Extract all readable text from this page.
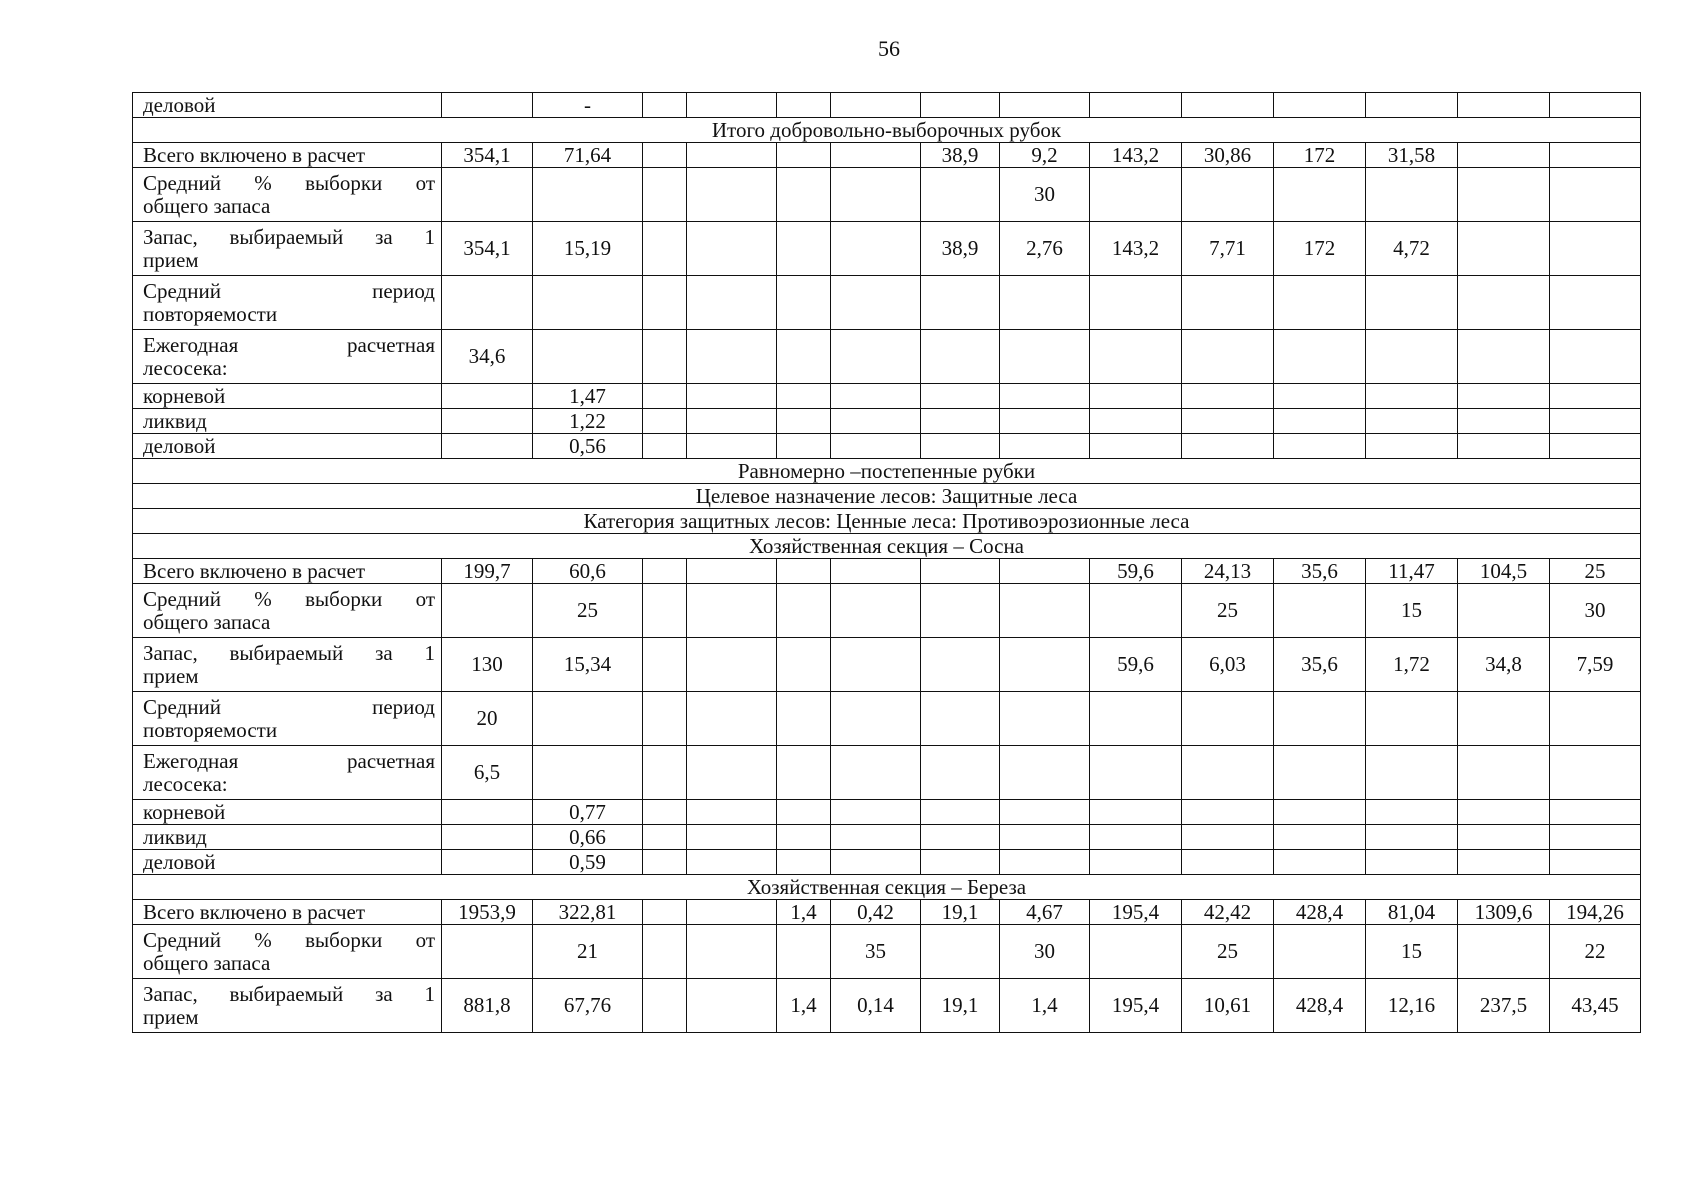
56
деловой		-												
Итого добровольно-выборочных рубок														
Всего включено в расчет	354,1	71,64					38,9	9,2	143,2	30,86	172	31,58		

Средний % выборки от
общего запаса								30						

Запас, выбираемый за 1
прием	354,1	15,19					38,9	2,76	143,2	7,71	172	4,72		

Средний период
повторяемости														

Ежегодная расчетная
лесосека:	34,6													
корневой		1,47												
ликвид		1,22												
деловой		0,56												
Равномерно –постепенные рубки														
Целевое назначение лесов: Защитные леса														
Категория защитных лесов: Ценные леса: Противоэрозионные леса														
Хозяйственная секция – Сосна														
Всего включено в расчет	199,7	60,6							59,6	24,13	35,6	11,47	104,5	25

Средний % выборки от
общего запаса		25								25		15		30

Запас, выбираемый за 1
прием	130	15,34							59,6	6,03	35,6	1,72	34,8	7,59

Средний период
повторяемости	20													

Ежегодная расчетная
лесосека:	6,5													
корневой		0,77												
ликвид		0,66												
деловой		0,59												
Хозяйственная секция – Береза														
Всего включено в расчет	1953,9	322,81			1,4	0,42	19,1	4,67	195,4	42,42	428,4	81,04	1309,6	194,26

Средний % выборки от
общего запаса		21				35		30		25		15		22

Запас, выбираемый за 1
прием	881,8	67,76			1,4	0,14	19,1	1,4	195,4	10,61	428,4	12,16	237,5	43,45
